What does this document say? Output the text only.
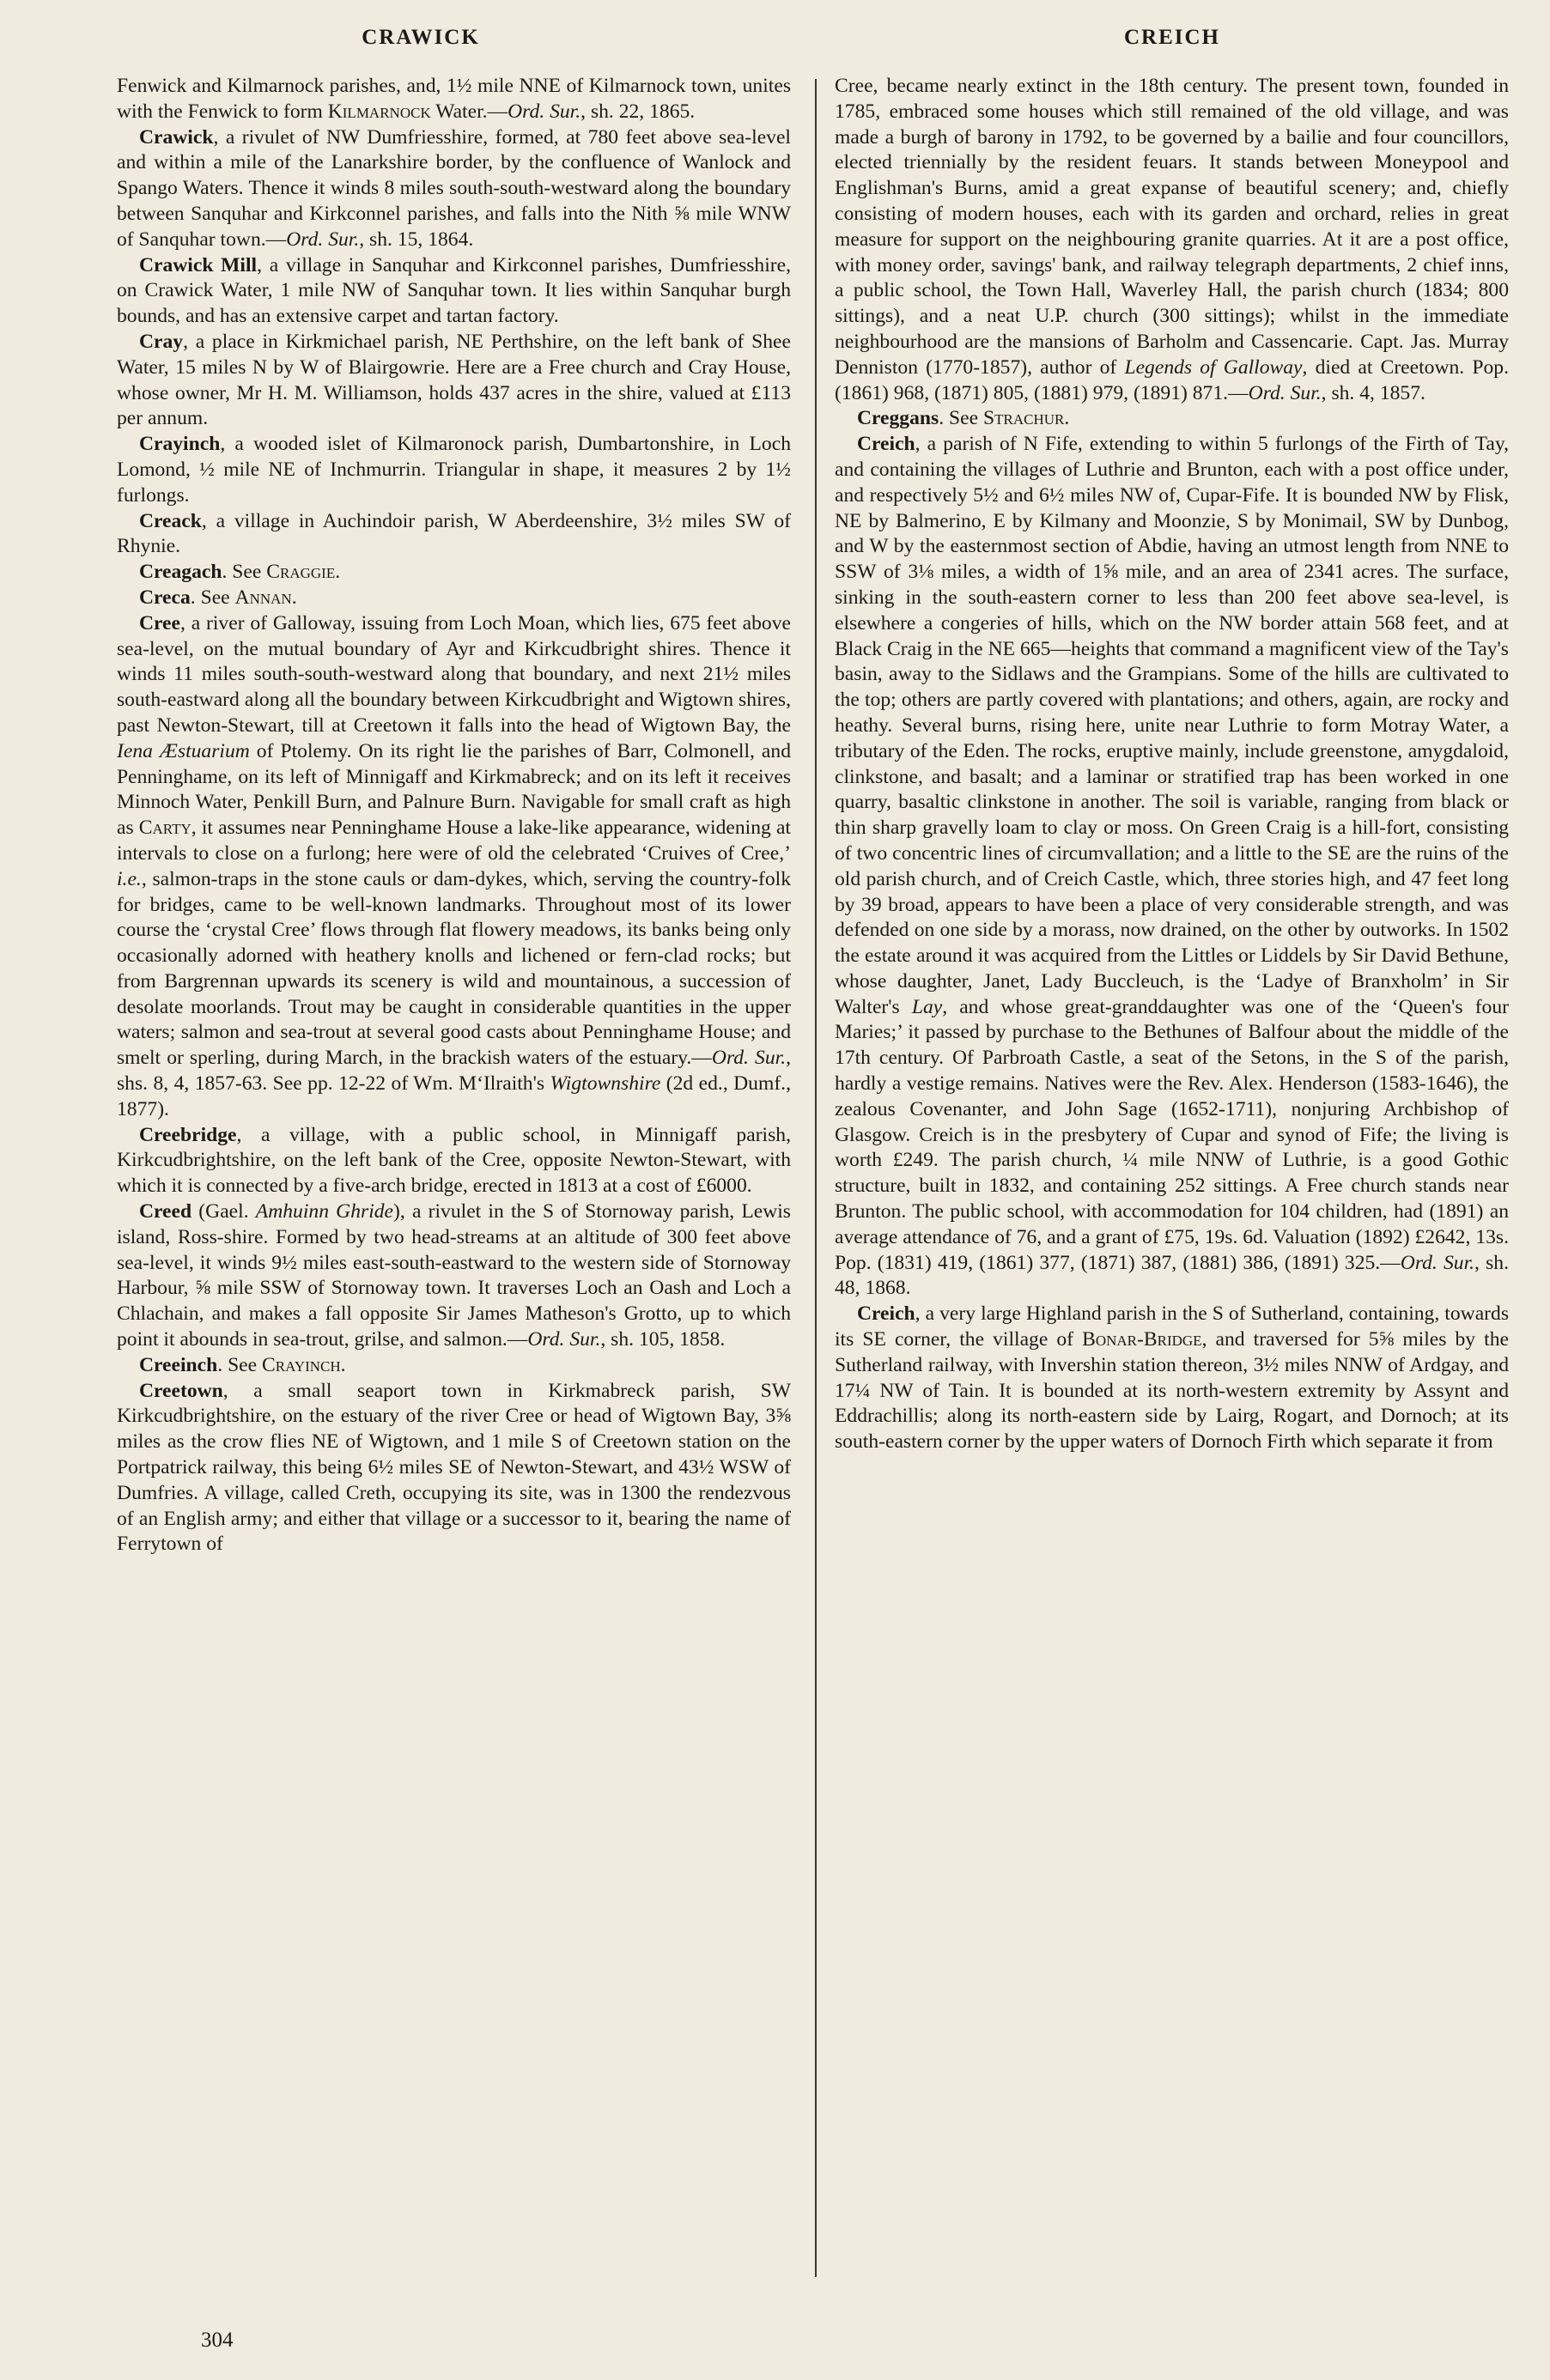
CRAWICK	CREICH

Fenwick and Kilmarnock parishes, and, 1½ mile NNE of Kilmarnock town, unites with the Fenwick to form Kilmarnock Water.—Ord. Sur., sh. 22, 1865.

Crawick, a rivulet of NW Dumfriesshire, formed, at 780 feet above sea-level and within a mile of the Lanarkshire border, by the confluence of Wanlock and Spango Waters. Thence it winds 8 miles south-south-westward along the boundary between Sanquhar and Kirkconnel parishes, and falls into the Nith ⅝ mile WNW of Sanquhar town.—Ord. Sur., sh. 15, 1864.

Crawick Mill, a village in Sanquhar and Kirkconnel parishes, Dumfriesshire, on Crawick Water, 1 mile NW of Sanquhar town. It lies within Sanquhar burgh bounds, and has an extensive carpet and tartan factory.

Cray, a place in Kirkmichael parish, NE Perthshire, on the left bank of Shee Water, 15 miles N by W of Blairgowrie. Here are a Free church and Cray House, whose owner, Mr H. M. Williamson, holds 437 acres in the shire, valued at £113 per annum.

Crayinch, a wooded islet of Kilmaronock parish, Dumbartonshire, in Loch Lomond, ½ mile NE of Inchmurrin. Triangular in shape, it measures 2 by 1½ furlongs.

Creack, a village in Auchindoir parish, W Aberdeenshire, 3½ miles SW of Rhynie.

Creagach. See Craggie.

Creca. See Annan.

Cree, a river of Galloway, issuing from Loch Moan, which lies, 675 feet above sea-level, on the mutual boundary of Ayr and Kirkcudbright shires. Thence it winds 11 miles south-south-westward along that boundary, and next 21½ miles south-eastward along all the boundary between Kirkcudbright and Wigtown shires, past Newton-Stewart, till at Creetown it falls into the head of Wigtown Bay, the Iena Æstuarium of Ptolemy. On its right lie the parishes of Barr, Colmonell, and Penninghame, on its left of Minnigaff and Kirkmabreck; and on its left it receives Minnoch Water, Penkill Burn, and Palnure Burn. Navigable for small craft as high as Carty, it assumes near Penninghame House a lake-like appearance, widening at intervals to close on a furlong; here were of old the celebrated ‘Cruives of Cree,’ i.e., salmon-traps in the stone cauls or dam-dykes, which, serving the country-folk for bridges, came to be well-known landmarks. Throughout most of its lower course the ‘crystal Cree’ flows through flat flowery meadows, its banks being only occasionally adorned with heathery knolls and lichened or fern-clad rocks; but from Bargrennan upwards its scenery is wild and mountainous, a succession of desolate moorlands. Trout may be caught in considerable quantities in the upper waters; salmon and sea-trout at several good casts about Penninghame House; and smelt or sperling, during March, in the brackish waters of the estuary.—Ord. Sur., shs. 8, 4, 1857-63. See pp. 12-22 of Wm. M‘Ilraith's Wigtownshire (2d ed., Dumf., 1877).

Creebridge, a village, with a public school, in Minnigaff parish, Kirkcudbrightshire, on the left bank of the Cree, opposite Newton-Stewart, with which it is connected by a five-arch bridge, erected in 1813 at a cost of £6000.

Creed (Gael. Amhuinn Ghride), a rivulet in the S of Stornoway parish, Lewis island, Ross-shire. Formed by two head-streams at an altitude of 300 feet above sea-level, it winds 9½ miles east-south-eastward to the western side of Stornoway Harbour, ⅝ mile SSW of Stornoway town. It traverses Loch an Oash and Loch a Chlachain, and makes a fall opposite Sir James Matheson's Grotto, up to which point it abounds in sea-trout, grilse, and salmon.—Ord. Sur., sh. 105, 1858.

Creeinch. See Crayinch.

Creetown, a small seaport town in Kirkmabreck parish, SW Kirkcudbrightshire, on the estuary of the river Cree or head of Wigtown Bay, 3⅝ miles as the crow flies NE of Wigtown, and 1 mile S of Creetown station on the Portpatrick railway, this being 6½ miles SE of Newton-Stewart, and 43½ WSW of Dumfries. A village, called Creth, occupying its site, was in 1300 the rendezvous of an English army; and either that village or a successor to it, bearing the name of Ferrytown of

Cree, became nearly extinct in the 18th century. The present town, founded in 1785, embraced some houses which still remained of the old village, and was made a burgh of barony in 1792, to be governed by a bailie and four councillors, elected triennially by the resident feuars. It stands between Moneypool and Englishman's Burns, amid a great expanse of beautiful scenery; and, chiefly consisting of modern houses, each with its garden and orchard, relies in great measure for support on the neighbouring granite quarries. At it are a post office, with money order, savings' bank, and railway telegraph departments, 2 chief inns, a public school, the Town Hall, Waverley Hall, the parish church (1834; 800 sittings), and a neat U.P. church (300 sittings); whilst in the immediate neighbourhood are the mansions of Barholm and Cassencarie. Capt. Jas. Murray Denniston (1770-1857), author of Legends of Galloway, died at Creetown. Pop. (1861) 968, (1871) 805, (1881) 979, (1891) 871.—Ord. Sur., sh. 4, 1857.

Creggans. See Strachur.

Creich, a parish of N Fife, extending to within 5 furlongs of the Firth of Tay, and containing the villages of Luthrie and Brunton, each with a post office under, and respectively 5½ and 6½ miles NW of, Cupar-Fife. It is bounded NW by Flisk, NE by Balmerino, E by Kilmany and Moonzie, S by Monimail, SW by Dunbog, and W by the easternmost section of Abdie, having an utmost length from NNE to SSW of 3⅛ miles, a width of 1⅝ mile, and an area of 2341 acres. The surface, sinking in the south-eastern corner to less than 200 feet above sea-level, is elsewhere a congeries of hills, which on the NW border attain 568 feet, and at Black Craig in the NE 665—heights that command a magnificent view of the Tay's basin, away to the Sidlaws and the Grampians. Some of the hills are cultivated to the top; others are partly covered with plantations; and others, again, are rocky and heathy. Several burns, rising here, unite near Luthrie to form Motray Water, a tributary of the Eden. The rocks, eruptive mainly, include greenstone, amygdaloid, clinkstone, and basalt; and a laminar or stratified trap has been worked in one quarry, basaltic clinkstone in another. The soil is variable, ranging from black or thin sharp gravelly loam to clay or moss. On Green Craig is a hill-fort, consisting of two concentric lines of circumvallation; and a little to the SE are the ruins of the old parish church, and of Creich Castle, which, three stories high, and 47 feet long by 39 broad, appears to have been a place of very considerable strength, and was defended on one side by a morass, now drained, on the other by outworks. In 1502 the estate around it was acquired from the Littles or Liddels by Sir David Bethune, whose daughter, Janet, Lady Buccleuch, is the ‘Ladye of Branxholm’ in Sir Walter's Lay, and whose great-granddaughter was one of the ‘Queen's four Maries;’ it passed by purchase to the Bethunes of Balfour about the middle of the 17th century. Of Parbroath Castle, a seat of the Setons, in the S of the parish, hardly a vestige remains. Natives were the Rev. Alex. Henderson (1583-1646), the zealous Covenanter, and John Sage (1652-1711), nonjuring Archbishop of Glasgow. Creich is in the presbytery of Cupar and synod of Fife; the living is worth £249. The parish church, ¼ mile NNW of Luthrie, is a good Gothic structure, built in 1832, and containing 252 sittings. A Free church stands near Brunton. The public school, with accommodation for 104 children, had (1891) an average attendance of 76, and a grant of £75, 19s. 6d. Valuation (1892) £2642, 13s. Pop. (1831) 419, (1861) 377, (1871) 387, (1881) 386, (1891) 325.—Ord. Sur., sh. 48, 1868.

Creich, a very large Highland parish in the S of Sutherland, containing, towards its SE corner, the village of Bonar-Bridge, and traversed for 5⅝ miles by the Sutherland railway, with Invershin station thereon, 3½ miles NNW of Ardgay, and 17¼ NW of Tain. It is bounded at its north-western extremity by Assynt and Eddrachillis; along its north-eastern side by Lairg, Rogart, and Dornoch; at its south-eastern corner by the upper waters of Dornoch Firth which separate it from

304
